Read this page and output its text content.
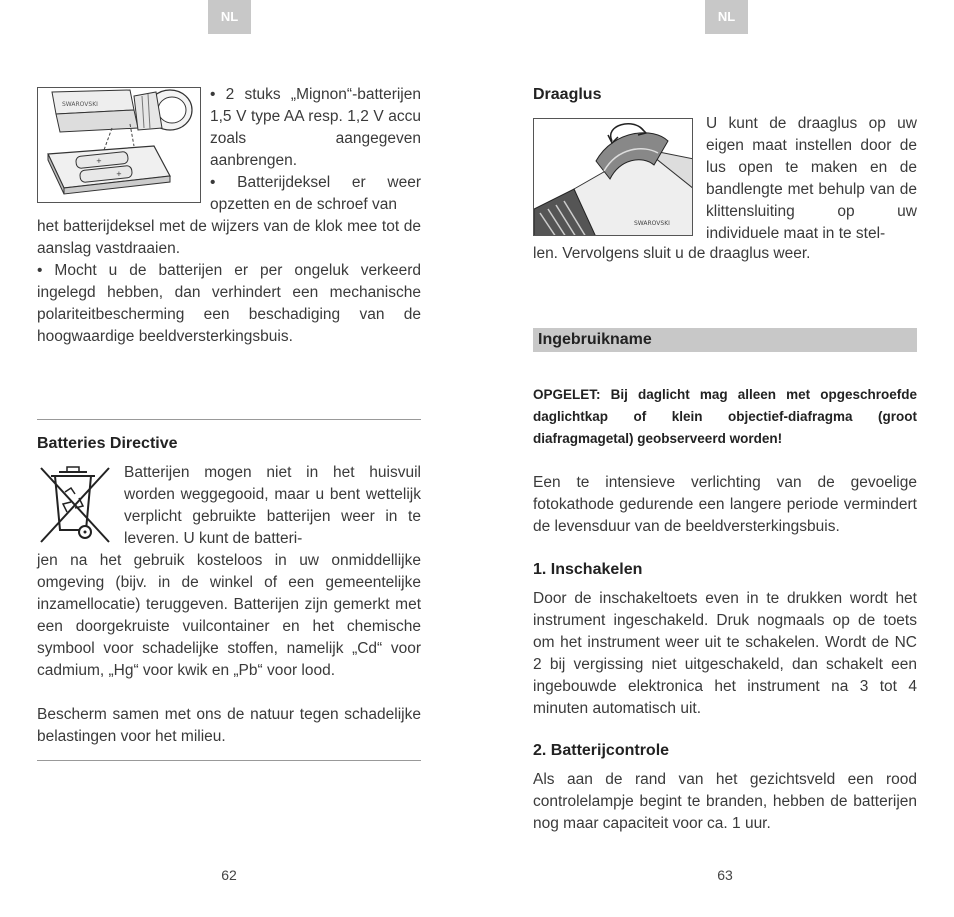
NL
SWAROVSKI
+
+

• 2 stuks „Mignon“-batterijen 1,5 V type AA resp. 1,2 V accu zoals aangegeven aanbrengen.

• Batterijdeksel er weer opzetten en de schroef van

het batterijdeksel met de wijzers van de klok mee tot de aanslag vastdraaien.

• Mocht u de batterijen er per ongeluk verkeerd ingelegd hebben, dan verhindert een mechanische polariteitbescherming een beschadiging van de hoogwaardige beeldversterkingsbuis.

Batteries Directive

Batterijen mogen niet in het huisvuil worden weggegooid, maar u bent wettelijk verplicht gebruikte batterijen weer in te leveren. U kunt de batteri-

jen na het gebruik kosteloos in uw onmiddellijke omgeving (bijv. in de winkel of een gemeentelijke inzamellocatie) teruggeven. Batterijen zijn gemerkt met een doorgekruiste vuilcontainer en het chemische symbool voor schadelijke stoffen, namelijk „Cd“ voor cadmium, „Hg“ voor kwik en „Pb“ voor lood.

Bescherm samen met ons de natuur tegen schadelijke belastingen voor het milieu.

62
NL
Draaglus
SWAROVSKI

U kunt de draaglus op uw eigen maat instellen door de lus open te maken en de bandlengte met behulp van de klittensluiting op uw individuele maat in te stel-

len. Vervolgens sluit u de draaglus weer.

Ingebruikname

OPGELET: Bij daglicht mag alleen met opgeschroefde daglichtkap of klein objectief-diafragma (groot diafragmagetal) geobserveerd worden!

Een te intensieve verlichting van de gevoelige fotokathode gedurende een langere periode vermindert de levensduur van de beeldversterkingsbuis.

1. Inschakelen

Door de inschakeltoets even in te drukken wordt het instrument ingeschakeld. Druk nogmaals op de toets om het instrument weer uit te schakelen. Wordt de NC 2 bij vergissing niet uitgeschakeld, dan schakelt een ingebouwde elektronica het instrument na 3 tot 4 minuten automatisch uit.

2. Batterijcontrole

Als aan de rand van het gezichtsveld een rood controlelampje begint te branden, hebben de batterijen nog maar capaciteit voor ca. 1 uur.

63
